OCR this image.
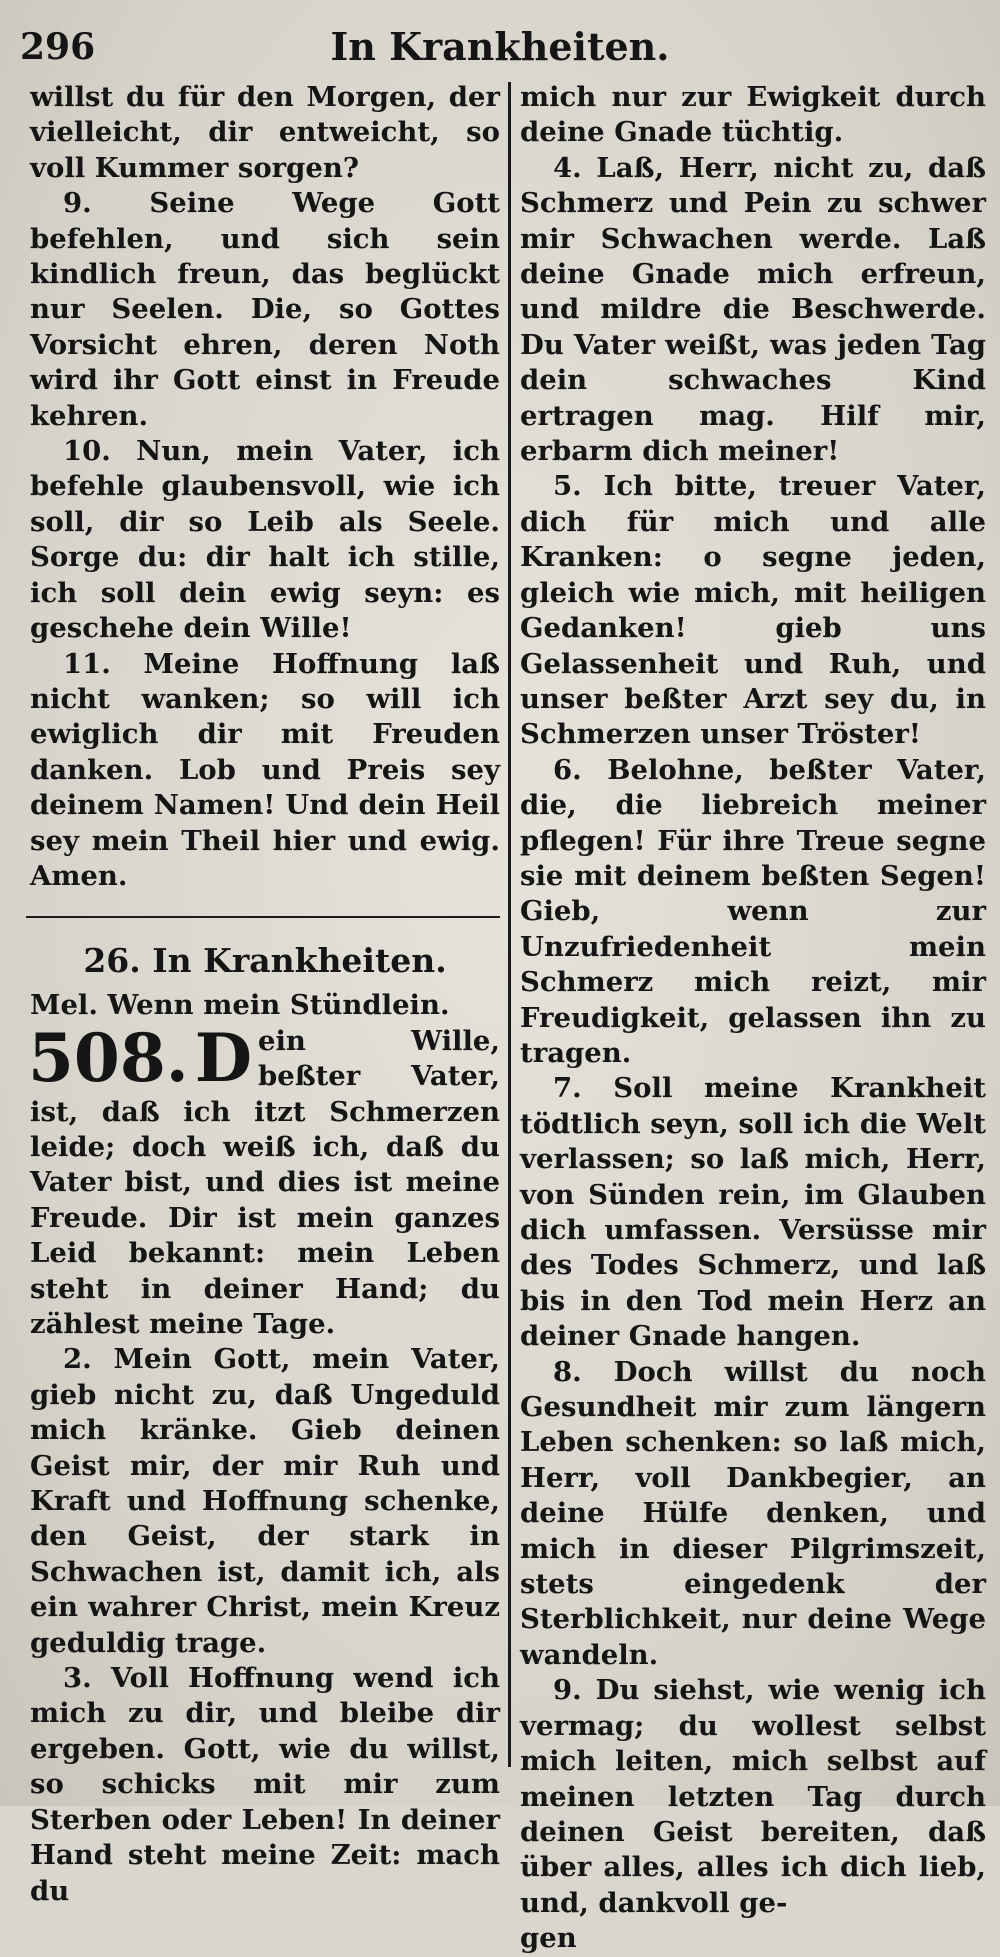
296	In Krankheiten.

willst du für den Morgen, der vielleicht, dir entweicht, so voll Kummer sorgen?

9. Seine Wege Gott befehlen, und sich sein kindlich freun, das beglückt nur Seelen. Die, so Gottes Vorsicht ehren, deren Noth wird ihr Gott einst in Freude kehren.

10. Nun, mein Vater, ich befehle glaubensvoll, wie ich soll, dir so Leib als Seele. Sorge du: dir halt ich stille, ich soll dein ewig seyn: es geschehe dein Wille!

11. Meine Hoffnung laß nicht wanken; so will ich ewiglich dir mit Freuden danken. Lob und Preis sey deinem Namen! Und dein Heil sey mein Theil hier und ewig. Amen.

26. In Krankheiten.

Mel. Wenn mein Stündlein.

508. D ein Wille, beßter Vater, ist, daß ich itzt Schmerzen leide; doch weiß ich, daß du Vater bist, und dies ist meine Freude. Dir ist mein ganzes Leid bekannt: mein Leben steht in deiner Hand; du zählest meine Tage.

2. Mein Gott, mein Vater, gieb nicht zu, daß Ungeduld mich kränke. Gieb deinen Geist mir, der mir Ruh und Kraft und Hoffnung schenke, den Geist, der stark in Schwachen ist, damit ich, als ein wahrer Christ, mein Kreuz geduldig trage.

3. Voll Hoffnung wend ich mich zu dir, und bleibe dir ergeben. Gott, wie du willst, so schicks mit mir zum Sterben oder Leben! In deiner Hand steht meine Zeit: mach du

mich nur zur Ewigkeit durch deine Gnade tüchtig.

4. Laß, Herr, nicht zu, daß Schmerz und Pein zu schwer mir Schwachen werde. Laß deine Gnade mich erfreun, und mildre die Beschwerde. Du Vater weißt, was jeden Tag dein schwaches Kind ertragen mag. Hilf mir, erbarm dich meiner!

5. Ich bitte, treuer Vater, dich für mich und alle Kranken: o segne jeden, gleich wie mich, mit heiligen Gedanken! gieb uns Gelassenheit und Ruh, und unser beßter Arzt sey du, in Schmerzen unser Tröster!

6. Belohne, beßter Vater, die, die liebreich meiner pflegen! Für ihre Treue segne sie mit deinem beßten Segen! Gieb, wenn zur Unzufriedenheit mein Schmerz mich reizt, mir Freudigkeit, gelassen ihn zu tragen.

7. Soll meine Krankheit tödtlich seyn, soll ich die Welt verlassen; so laß mich, Herr, von Sünden rein, im Glauben dich umfassen. Versüsse mir des Todes Schmerz, und laß bis in den Tod mein Herz an deiner Gnade hangen.

8. Doch willst du noch Gesundheit mir zum längern Leben schenken: so laß mich, Herr, voll Dankbegier, an deine Hülfe denken, und mich in dieser Pilgrimszeit, stets eingedenk der Sterblichkeit, nur deine Wege wandeln.

9. Du siehst, wie wenig ich vermag; du wollest selbst mich leiten, mich selbst auf meinen letzten Tag durch deinen Geist bereiten, daß über alles, alles ich dich lieb, und, dankvoll ge-

gen
